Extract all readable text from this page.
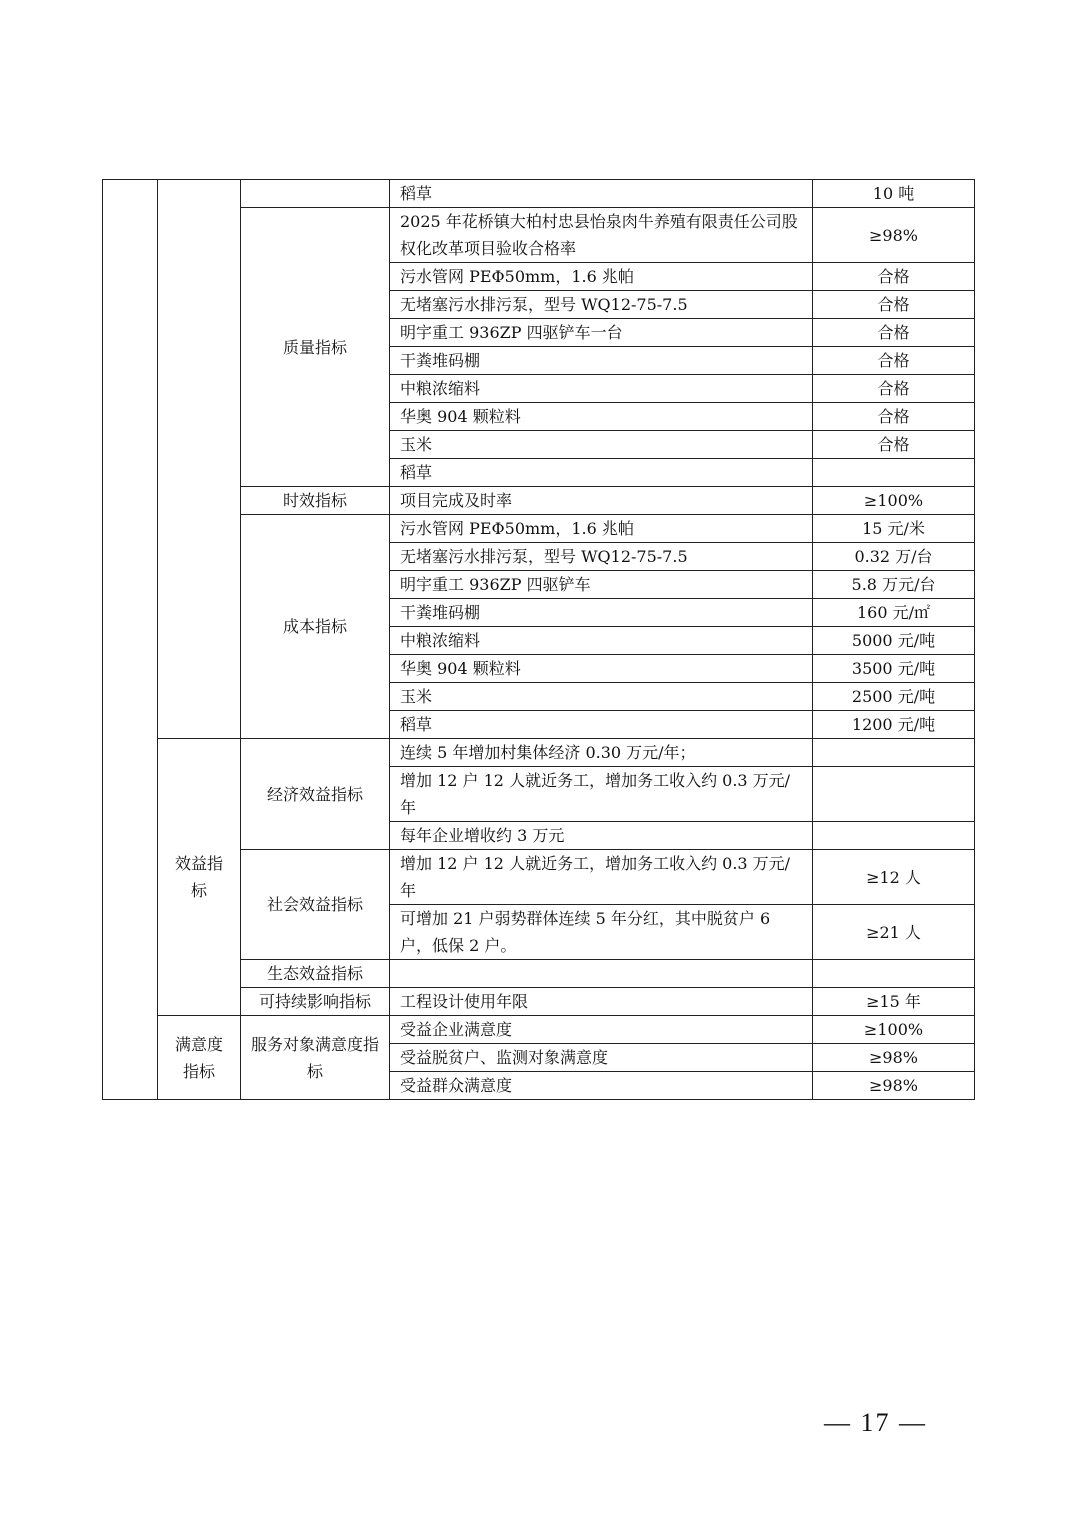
			稻草	10 吨
		质量指标	2025 年花桥镇大柏村忠县怡泉肉牛养殖有限责任公司股权化改革项目验收合格率	≥98%
			污水管网 PEΦ50mm，1.6 兆帕	合格
			无堵塞污水排污泵，型号 WQ12-75-7.5	合格
			明宇重工 936ZP 四驱铲车一台	合格
			干粪堆码棚	合格
			中粮浓缩料	合格
			华奥 904 颗粒料	合格
			玉米	合格
			稻草	
		时效指标	项目完成及时率	≥100%
		成本指标	污水管网 PEΦ50mm，1.6 兆帕	15 元/米
			无堵塞污水排污泵，型号 WQ12-75-7.5	0.32 万/台
			明宇重工 936ZP 四驱铲车	5.8 万元/台
			干粪堆码棚	160 元/㎡
			中粮浓缩料	5000 元/吨
			华奥 904 颗粒料	3500 元/吨
			玉米	2500 元/吨
			稻草	1200 元/吨
	效益指标	经济效益指标	连续 5 年增加村集体经济 0.30 万元/年；	
			增加 12 户 12 人就近务工，增加务工收入约 0.3 万元/年	
			每年企业增收约 3 万元	
		社会效益指标	增加 12 户 12 人就近务工，增加务工收入约 0.3 万元/年	≥12 人
			可增加 21 户弱势群体连续 5 年分红，其中脱贫户 6 户，低保 2 户。	≥21 人
		生态效益指标		
		可持续影响指标	工程设计使用年限	≥15 年
	满意度指标	服务对象满意度指标	受益企业满意度	≥100%
			受益脱贫户、监测对象满意度	≥98%
			受益群众满意度	≥98%
— 17 —
